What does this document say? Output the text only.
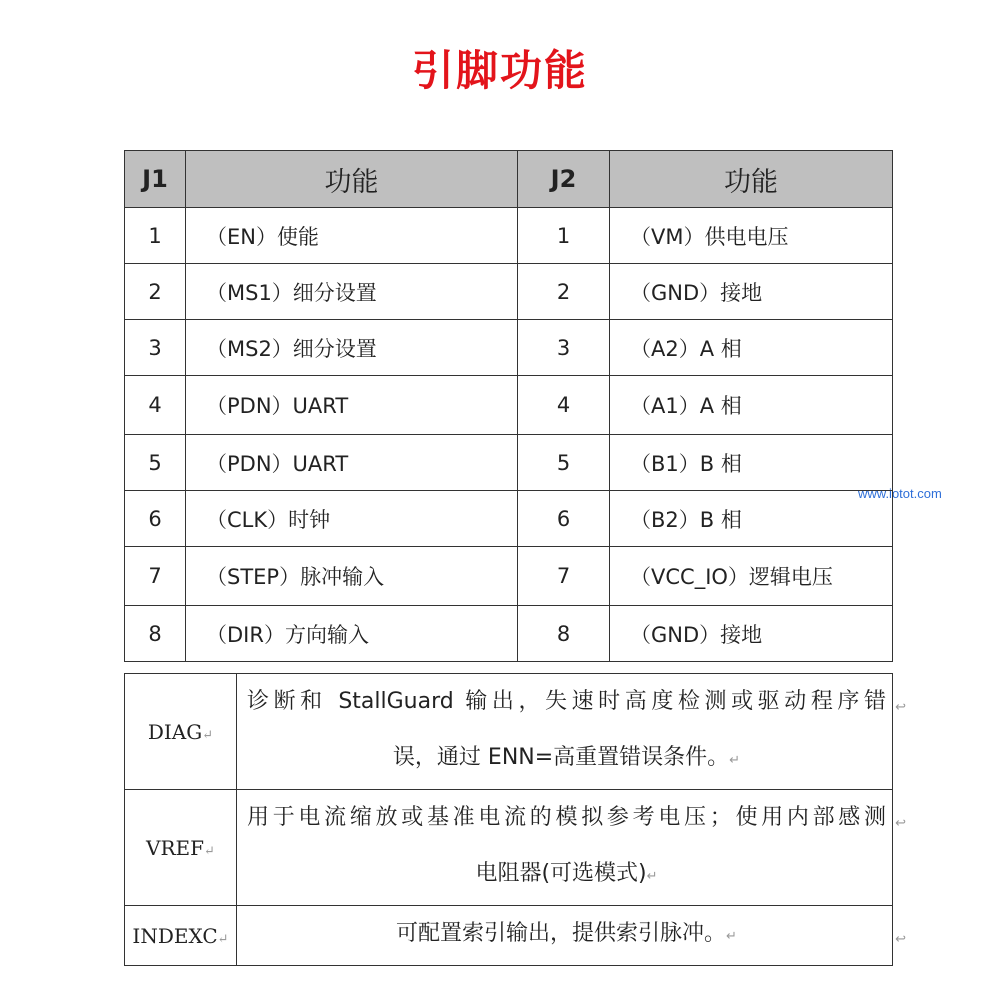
引脚功能
www.iotot.com
J1	功能	J2	功能
1	（EN）使能	1	（VM）供电电压
2	（MS1）细分设置	2	（GND）接地
3	（MS2）细分设置	3	（A2）A 相
4	（PDN）UART	4	（A1）A 相
5	（PDN）UART	5	（B1）B 相
6	（CLK）时钟	6	（B2）B 相
7	（STEP）脉冲输入	7	（VCC_IO）逻辑电压
8	（DIR）方向输入	8	（GND）接地
DIAG↵	诊断和 StallGuard 输出，失速时高度检测或驱动程序错
误，通过 ENN=高重置错误条件。↵
↩

VREF↵	用于电流缩放或基准电流的模拟参考电压；使用内部感测
电阻器(可选模式)↵
↩

INDEXC↵	可配置索引输出，提供索引脉冲。↵ ↩
